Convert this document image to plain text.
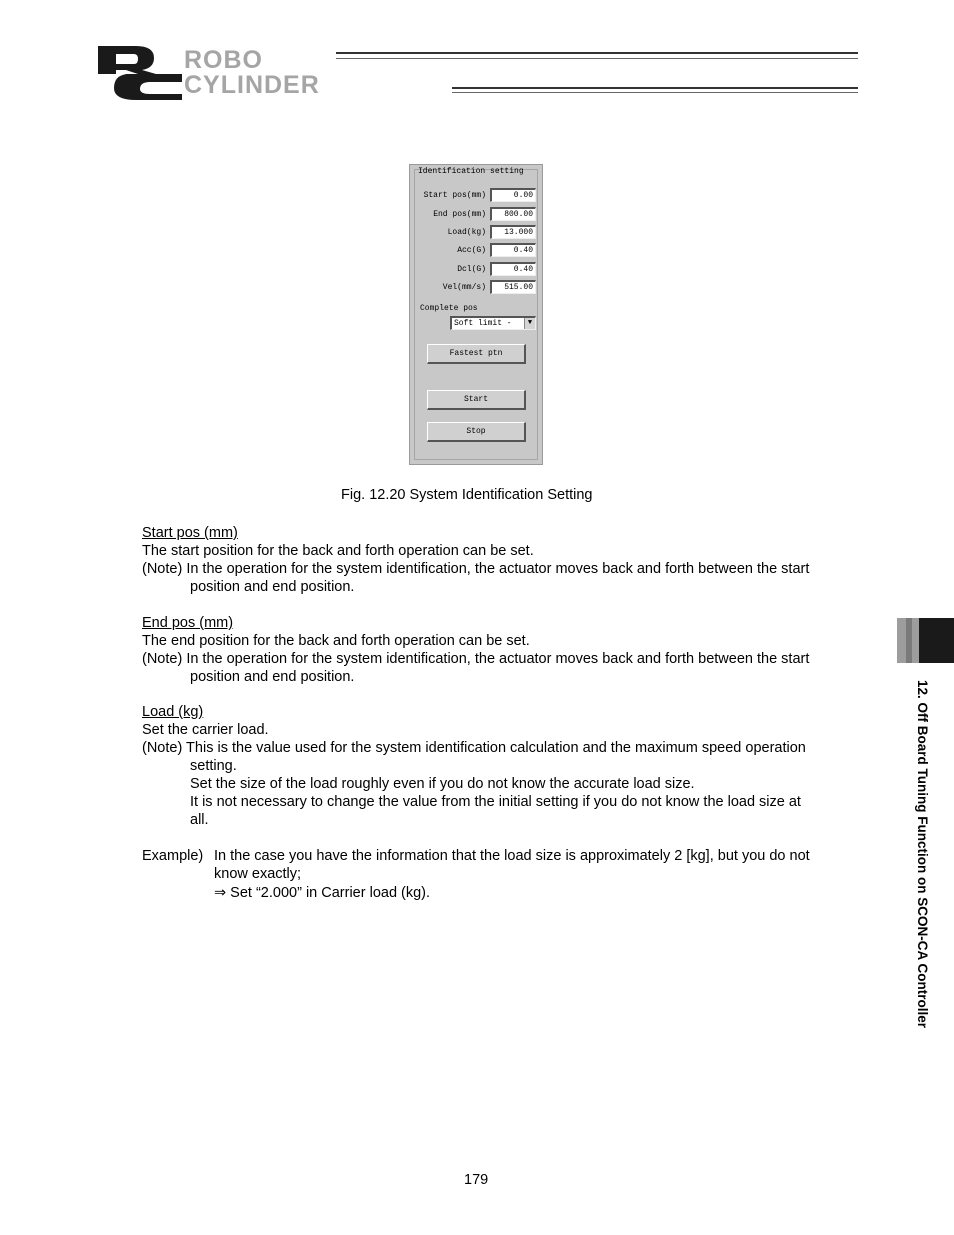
ROBO
CYLINDER
Identification setting
Start pos(mm)	0.00
End pos(mm)	800.00
Load(kg)	13.000
Acc(G)	0.40
Dcl(G)	0.40
Vel(mm/s)	515.00
Complete pos
Soft limit -	▼
Fastest ptn
Start
Stop
Fig. 12.20 System Identification Setting
Start pos (mm)
The start position for the back and forth operation can be set.
(Note) In the operation for the system identification, the actuator moves back and forth between the start
position and end position.
End pos (mm)
The end position for the back and forth operation can be set.
(Note) In the operation for the system identification, the actuator moves back and forth between the start
position and end position.
Load (kg)
Set the carrier load.
(Note) This is the value used for the system identification calculation and the maximum speed operation
setting.
Set the size of the load roughly even if you do not know the accurate load size.
It is not necessary to change the value from the initial setting if you do not know the load size at
all.
Example) In the case you have the information that the load size is approximately 2 [kg], but you do not
know exactly;
⇒ Set “2.000” in Carrier load (kg).	12. Off Board Tuning Function on SCON-CA Controller
179
